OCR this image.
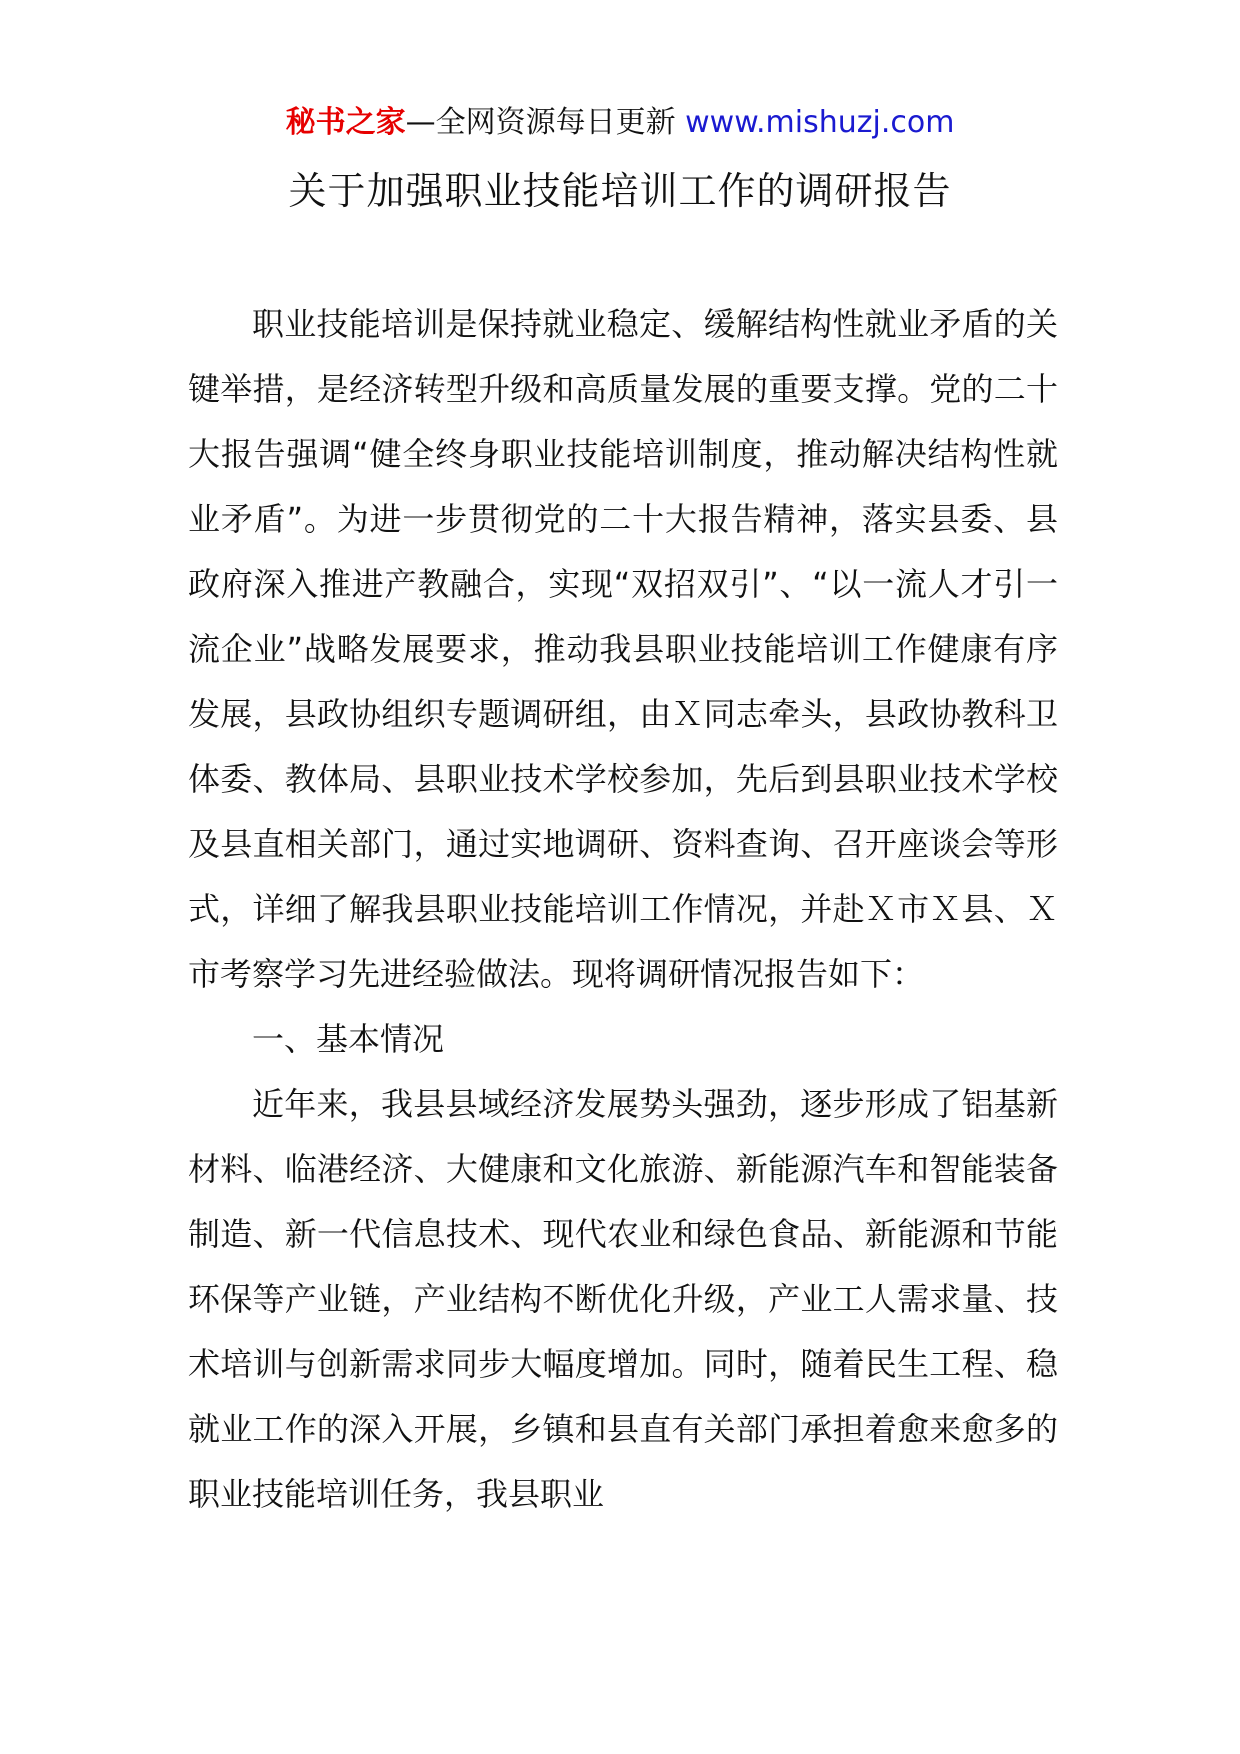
秘书之家—全网资源每日更新 www.mishuzj.com
关于加强职业技能培训工作的调研报告

职业技能培训是保持就业稳定、缓解结构性就业矛盾的关键举措，是经济转型升级和高质量发展的重要支撑。党的二十大报告强调“健全终身职业技能培训制度，推动解决结构性就业矛盾”。为进一步贯彻党的二十大报告精神，落实县委、县政府深入推进产教融合，实现“双招双引”、“以一流人才引一流企业”战略发展要求，推动我县职业技能培训工作健康有序发展，县政协组织专题调研组，由Ｘ同志牵头，县政协教科卫体委、教体局、县职业技术学校参加，先后到县职业技术学校及县直相关部门，通过实地调研、资料查询、召开座谈会等形式，详细了解我县职业技能培训工作情况，并赴Ｘ市Ｘ县、Ｘ市考察学习先进经验做法。现将调研情况报告如下：

一、基本情况

近年来，我县县域经济发展势头强劲，逐步形成了铝基新材料、临港经济、大健康和文化旅游、新能源汽车和智能装备制造、新一代信息技术、现代农业和绿色食品、新能源和节能环保等产业链，产业结构不断优化升级，产业工人需求量、技术培训与创新需求同步大幅度增加。同时，随着民生工程、稳就业工作的深入开展，乡镇和县直有关部门承担着愈来愈多的职业技能培训任务，我县职业
